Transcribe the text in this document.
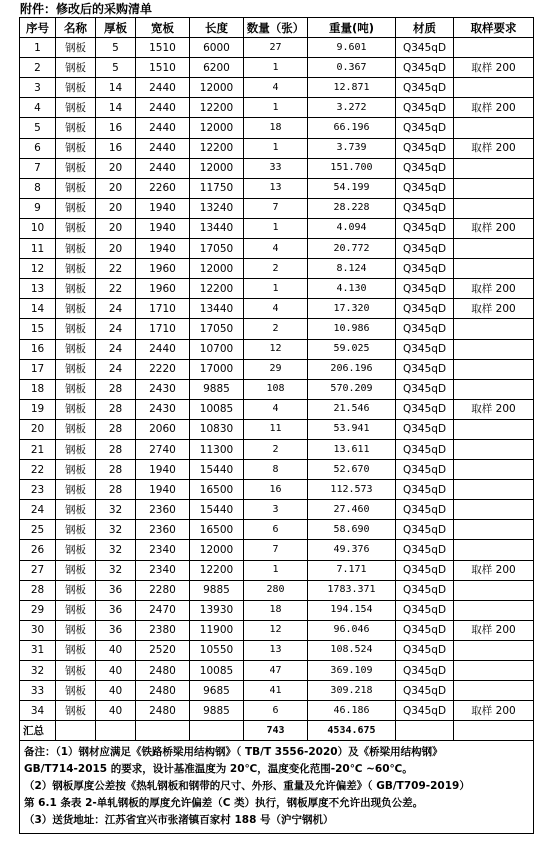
附件：修改后的采购清单
序号	名称	厚板	宽板	长度	数量（张）	重量(吨)	材质	取样要求
1	钢板	5	1510	6000	27	9.601	Q345qD	
2	钢板	5	1510	6200	1	0.367	Q345qD	取样 200
3	钢板	14	2440	12000	4	12.871	Q345qD	
4	钢板	14	2440	12200	1	3.272	Q345qD	取样 200
5	钢板	16	2440	12000	18	66.196	Q345qD	
6	钢板	16	2440	12200	1	3.739	Q345qD	取样 200
7	钢板	20	2440	12000	33	151.700	Q345qD	
8	钢板	20	2260	11750	13	54.199	Q345qD	
9	钢板	20	1940	13240	7	28.228	Q345qD	
10	钢板	20	1940	13440	1	4.094	Q345qD	取样 200
11	钢板	20	1940	17050	4	20.772	Q345qD	
12	钢板	22	1960	12000	2	8.124	Q345qD	
13	钢板	22	1960	12200	1	4.130	Q345qD	取样 200
14	钢板	24	1710	13440	4	17.320	Q345qD	取样 200
15	钢板	24	1710	17050	2	10.986	Q345qD	
16	钢板	24	2440	10700	12	59.025	Q345qD	
17	钢板	24	2220	17000	29	206.196	Q345qD	
18	钢板	28	2430	9885	108	570.209	Q345qD	
19	钢板	28	2430	10085	4	21.546	Q345qD	取样 200
20	钢板	28	2060	10830	11	53.941	Q345qD	
21	钢板	28	2740	11300	2	13.611	Q345qD	
22	钢板	28	1940	15440	8	52.670	Q345qD	
23	钢板	28	1940	16500	16	112.573	Q345qD	
24	钢板	32	2360	15440	3	27.460	Q345qD	
25	钢板	32	2360	16500	6	58.690	Q345qD	
26	钢板	32	2340	12000	7	49.376	Q345qD	
27	钢板	32	2340	12200	1	7.171	Q345qD	取样 200
28	钢板	36	2280	9885	280	1783.371	Q345qD	
29	钢板	36	2470	13930	18	194.154	Q345qD	
30	钢板	36	2380	11900	12	96.046	Q345qD	取样 200
31	钢板	40	2520	10550	13	108.524	Q345qD	
32	钢板	40	2480	10085	47	369.109	Q345qD	
33	钢板	40	2480	9685	41	309.218	Q345qD	
34	钢板	40	2480	9885	6	46.186	Q345qD	取样 200
汇总					743	4534.675		

备注：（1）钢材应满足《铁路桥梁用结构钢》（ TB/T 3556-2020）及《桥梁用结构钢》
GB/T714-2015 的要求，设计基准温度为 20℃，温度变化范围-20℃ ~60℃。
（2）钢板厚度公差按《热轧钢板和钢带的尺寸、外形、重量及允许偏差》（ GB/T709-2019）
第 6.1 条表 2-单轧钢板的厚度允许偏差（C 类）执行，钢板厚度不允许出现负公差。
（3）送货地址：江苏省宜兴市张渚镇百家村 188 号（沪宁钢机）								
